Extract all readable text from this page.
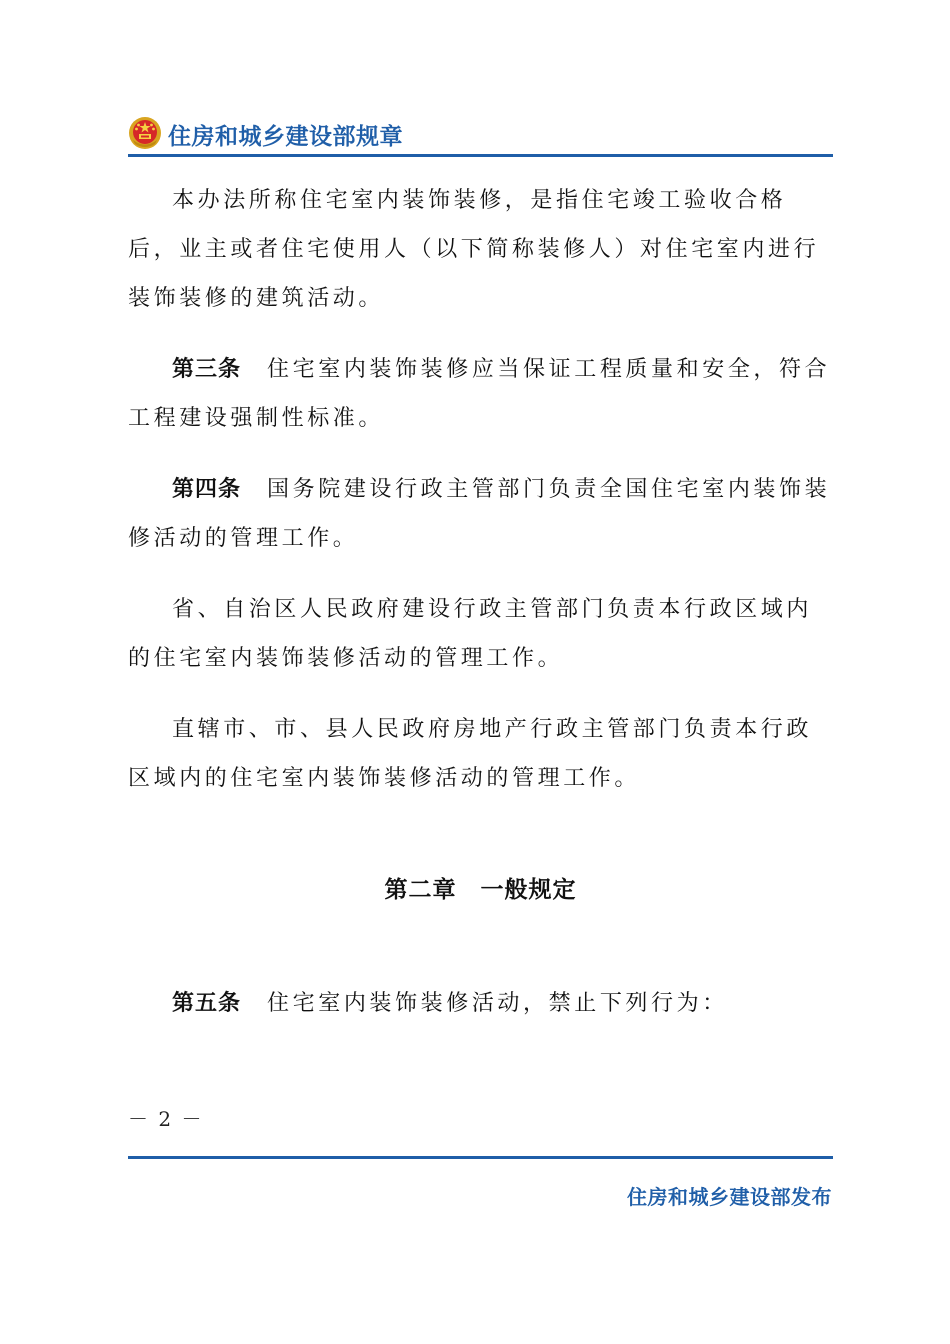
住房和城乡建设部规章

本办法所称住宅室内装饰装修，是指住宅竣工验收合格后，业主或者住宅使用人（以下简称装修人）对住宅室内进行装饰装修的建筑活动。

第三条 住宅室内装饰装修应当保证工程质量和安全，符合工程建设强制性标准。

第四条 国务院建设行政主管部门负责全国住宅室内装饰装修活动的管理工作。

省、自治区人民政府建设行政主管部门负责本行政区域内的住宅室内装饰装修活动的管理工作。

直辖市、市、县人民政府房地产行政主管部门负责本行政区域内的住宅室内装饰装修活动的管理工作。

第二章　一般规定

第五条 住宅室内装饰装修活动，禁止下列行为：

－ 2 －
住房和城乡建设部发布
